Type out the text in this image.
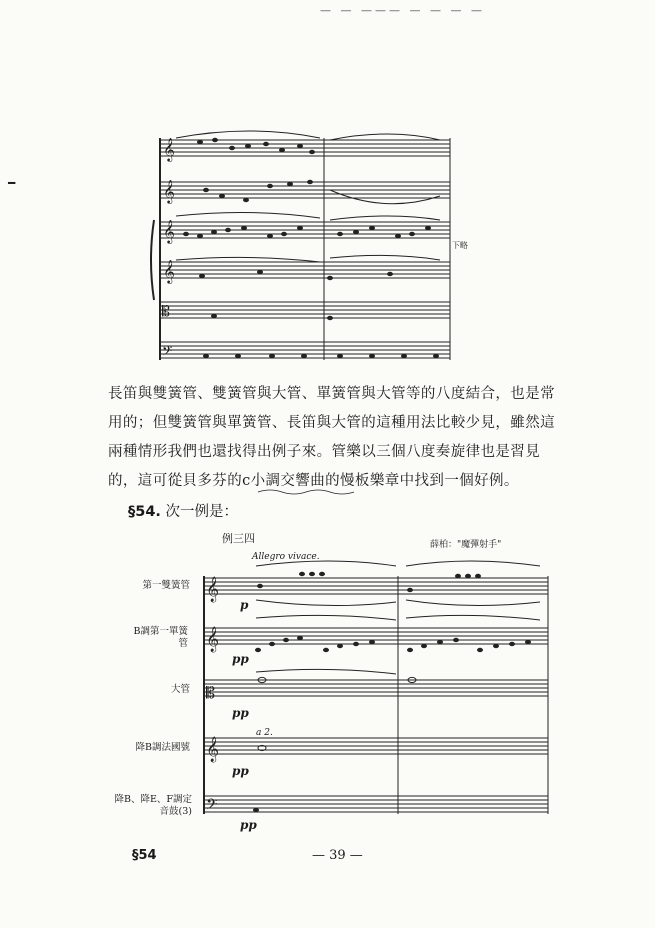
— — ——— — — — —
━
𝄞
𝄞
𝄞
𝄞
𝄡
𝄢
𝄞
𝄞
𝄡
𝄞
𝄢
下略

長笛與雙簧管、雙簧管與大管、單簧管與大管等的八度結合，也是常

用的；但雙簧管與單簧管、長笛與大管的這種用法比較少見，雖然這

兩種情形我們也還找得出例子來。管樂以三個八度奏旋律也是習見

的，這可從貝多芬的c小調交響曲的慢板樂章中找到一個好例。

§54. 次一例是：
例三四
Allegro vivace.
薛柏："魔彈射手"
第一雙簧管
B調第一單簧管
大管
降B調法國號
降B、降E、F調定音鼓(3)
p
pp
pp
pp
pp
a 2.
§54	— 39 —
